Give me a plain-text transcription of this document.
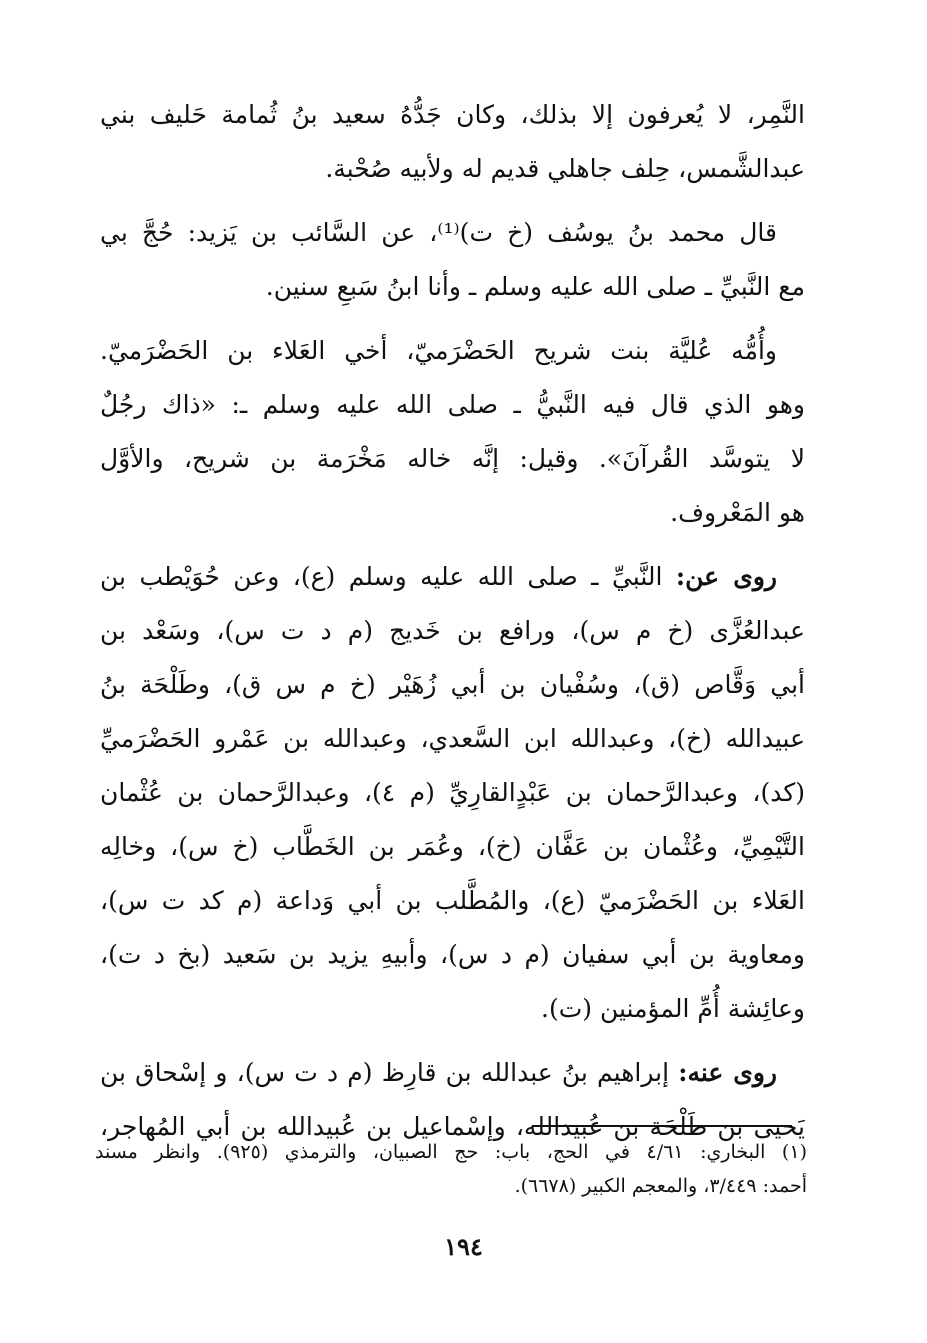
النَّمِر، لا يُعرفون إلا بذلك، وكان جَدُّهُ سعيد بنُ ثُمامة حَليف بني
عبدالشَّمس، حِلف جاهلي قديم له ولأبيه صُحْبة.

قال محمد بنُ يوسُف (خ ت)⁽¹⁾، عن السَّائب بن يَزيد: حُجَّ بي
مع النَّبيِّ ـ صلى الله عليه وسلم ـ وأنا ابنُ سَبعِ سنين.

وأُمُّه عُليَّة بنت شريح الحَضْرَميّ، أخي العَلاء بن الحَضْرَميّ.
وهو الذي قال فيه النَّبيُّ ـ صلى الله عليه وسلم ـ: «ذاك رجُلٌ
لا يتوسَّد القُرآنَ». وقيل: إنَّه خاله مَخْرَمة بن شريح، والأوَّل
هو المَعْروف.

روى عن: النَّبيِّ ـ صلى الله عليه وسلم (ع)، وعن حُوَيْطب بن
عبدالعُزَّى (خ م س)، ورافع بن خَديج (م د ت س)، وسَعْد بن
أبي وَقَّاص (ق)، وسُفْيان بن أبي زُهَيْر (خ م س ق)، وطَلْحَة بنُ
عبيدالله (خ)، وعبدالله ابن السَّعدي، وعبدالله بن عَمْرو الحَضْرَميِّ
(كد)، وعبدالرَّحمان بن عَبْدٍالقارِيِّ (م ٤)، وعبدالرَّحمان بن عُثْمان
التَّيْمِيِّ، وعُثْمان بن عَفَّان (خ)، وعُمَر بن الخَطَّاب (خ س)، وخالِه
العَلاء بن الحَضْرَميّ (ع)، والمُطَّلب بن أبي وَداعة (م كد ت س)،
ومعاوية بن أبي سفيان (م د س)، وأبيهِ يزيد بن سَعيد (بخ د ت)،
وعائِشة أُمِّ المؤمنين (ت).

روى عنه: إبراهيم بنُ عبدالله بن قارِظ (م د ت س)، و إسْحاق بن
يَحيى بن طَلْحَة بن عُبيدالله، وإسْماعيل بن عُبيدالله بن أبي المُهاجر،

(١) البخاري: ٤/٦١ في الحج، باب: حج الصبيان، والترمذي (٩٢٥). وانظر مسند
أحمد: ٣/٤٤٩، والمعجم الكبير (٦٦٧٨).
١٩٤
